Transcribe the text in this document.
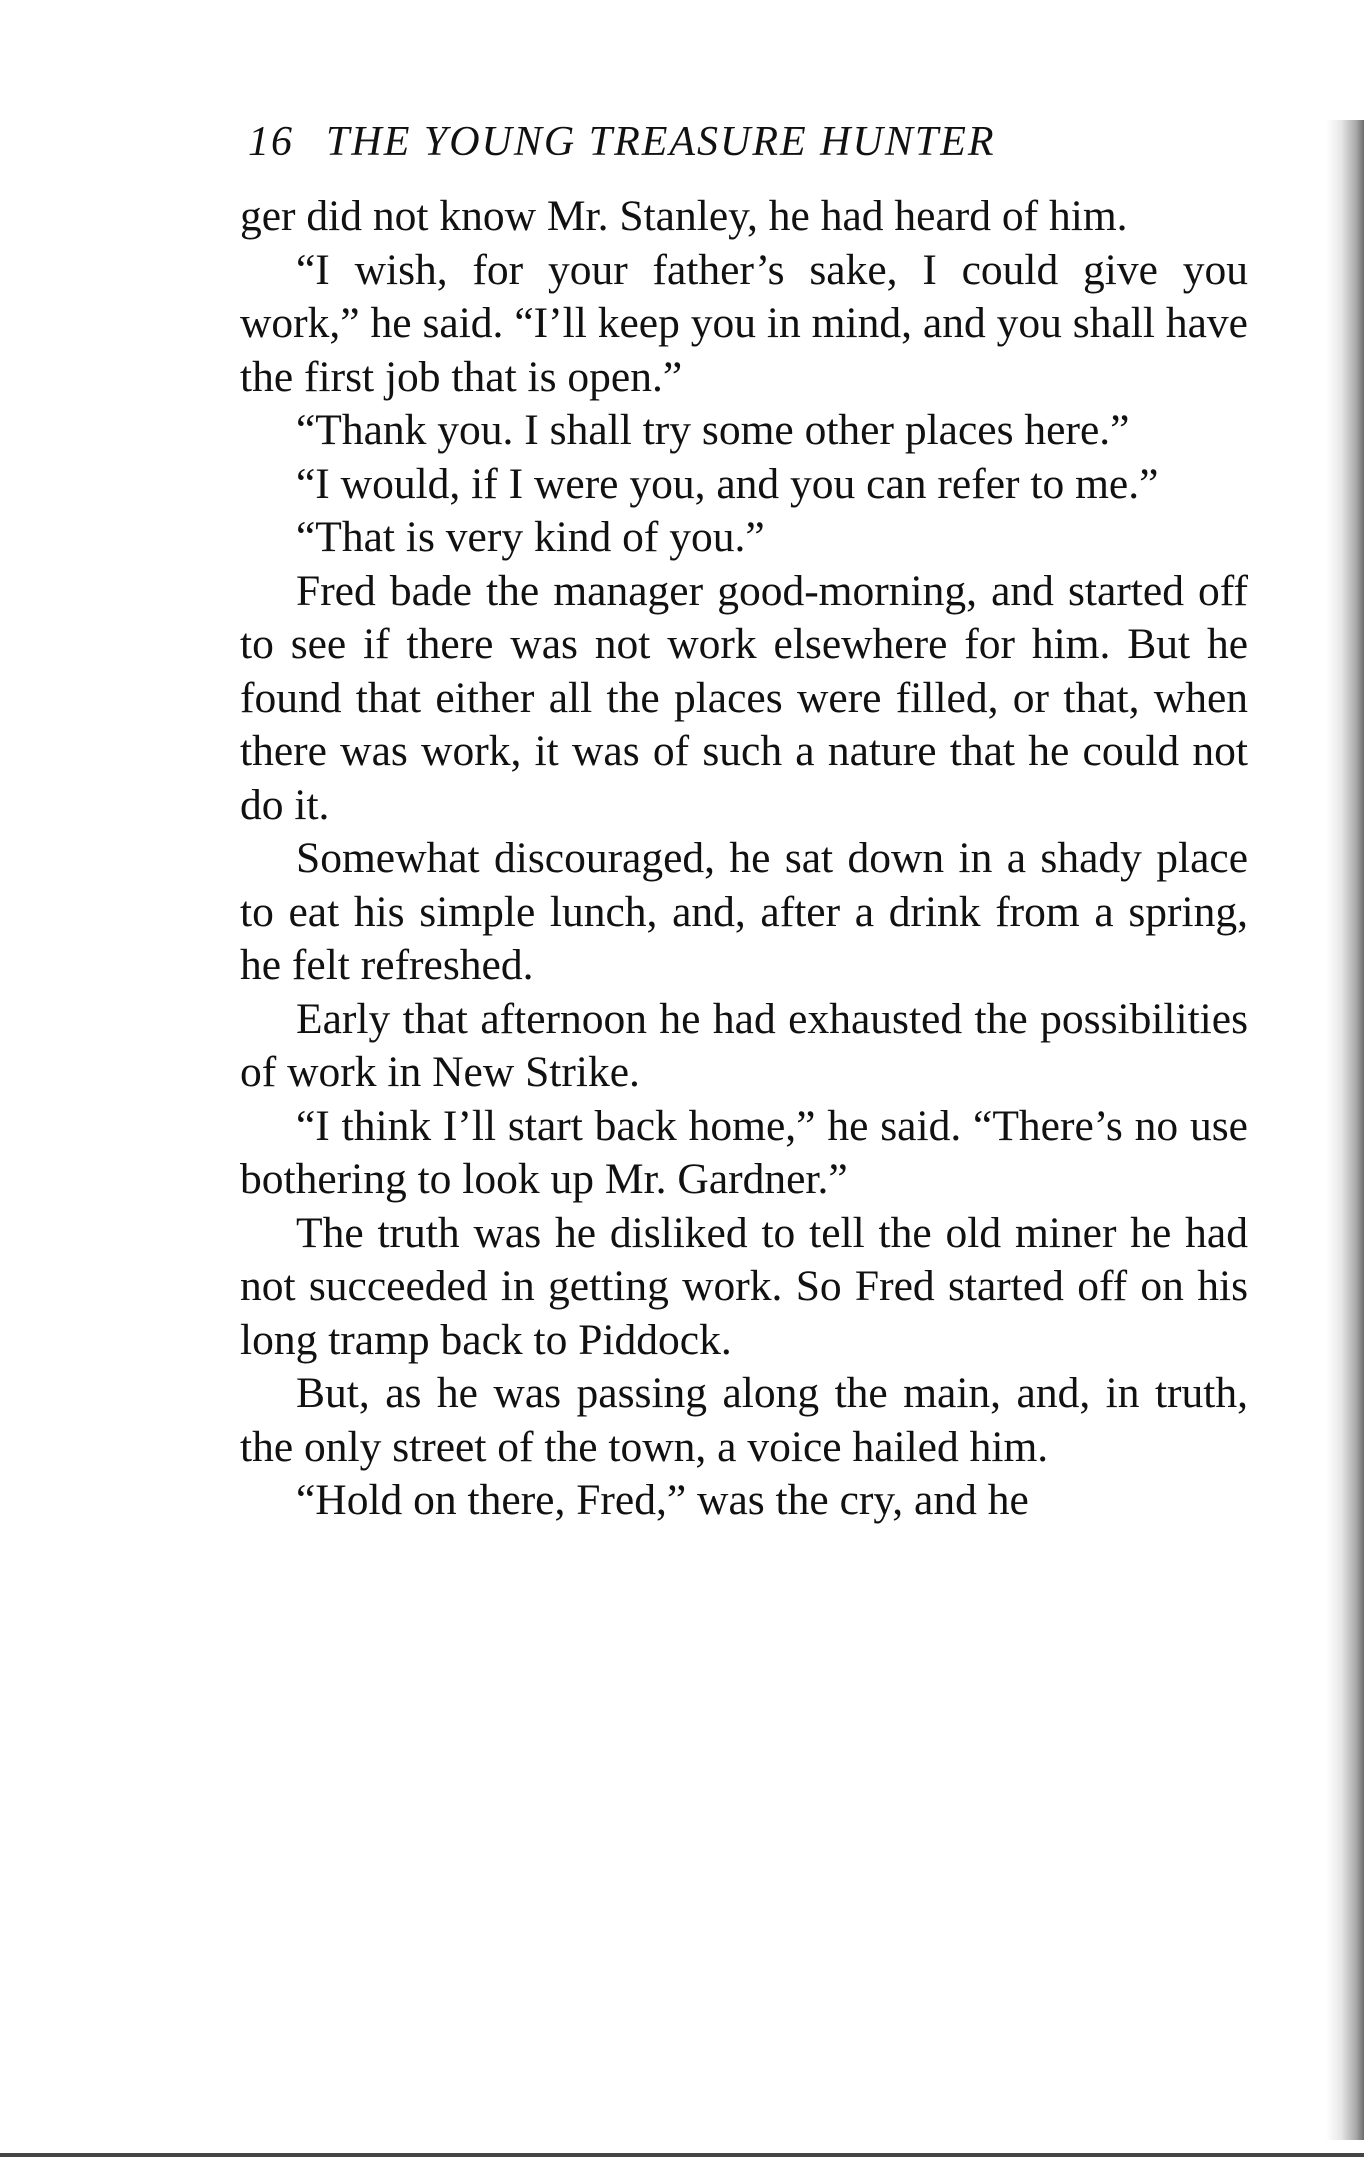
16 THE YOUNG TREASURE HUNTER

ger did not know Mr. Stanley, he had heard of him.

“I wish, for your father’s sake, I could give you work,” he said. “I’ll keep you in mind, and you shall have the first job that is open.”

“Thank you. I shall try some other places here.”

“I would, if I were you, and you can refer to me.”

“That is very kind of you.”

Fred bade the manager good-morning, and started off to see if there was not work elsewhere for him. But he found that either all the places were filled, or that, when there was work, it was of such a nature that he could not do it.

Somewhat discouraged, he sat down in a shady place to eat his simple lunch, and, after a drink from a spring, he felt refreshed.

Early that afternoon he had exhausted the possibilities of work in New Strike.

“I think I’ll start back home,” he said. “There’s no use bothering to look up Mr. Gardner.”

The truth was he disliked to tell the old miner he had not succeeded in getting work. So Fred started off on his long tramp back to Piddock.

But, as he was passing along the main, and, in truth, the only street of the town, a voice hailed him.

“Hold on there, Fred,” was the cry, and he
